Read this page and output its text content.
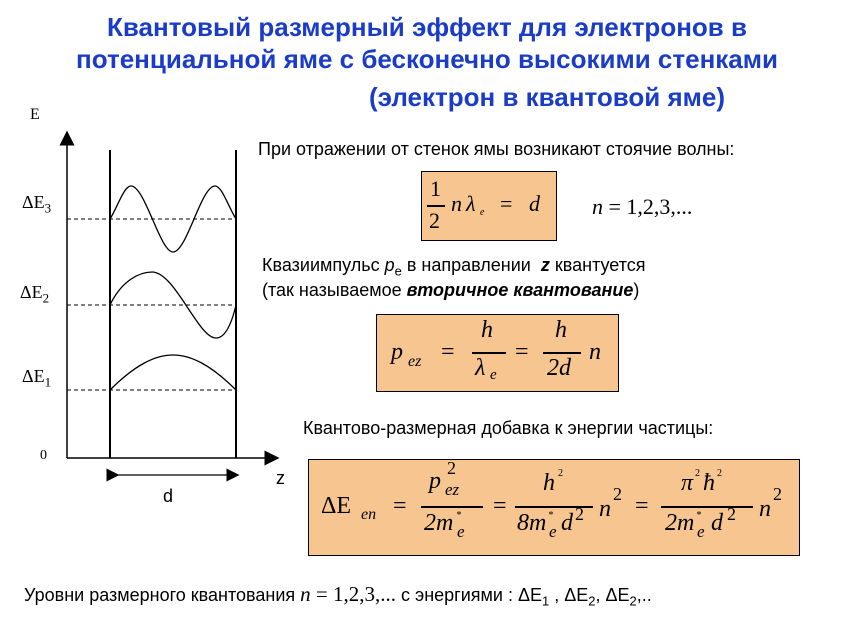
Квантовый размерный эффект для электронов в
потенциальной яме с бесконечно высокими стенками
(электрон в квантовой яме)
E
z
0
d
$\Delta E_3$
$\Delta E_2$
$\Delta E_1$
При отражении от стенок ямы возникают стоячие волны:
1
2
n λ e = d n = 1,2,3,...
Квазиимпульс $p_e$ в направлении  z квантуется
(так называемое вторичное квантование)
p ez =
h
λ e
=
h
2d
n
Квантово-размерная добавка к энергии частицы:
ΔE en =
p 2
ez
2m *
e
=
h 2
8m *
e d 2 n
2 =
π 2 ħ 2
2m *
e d 2 n
2
Уровни размерного квантования n = 1,2,3,... с энергиями : $\Delta E_1$ , $\Delta E_2$, $\Delta E_2$,..
